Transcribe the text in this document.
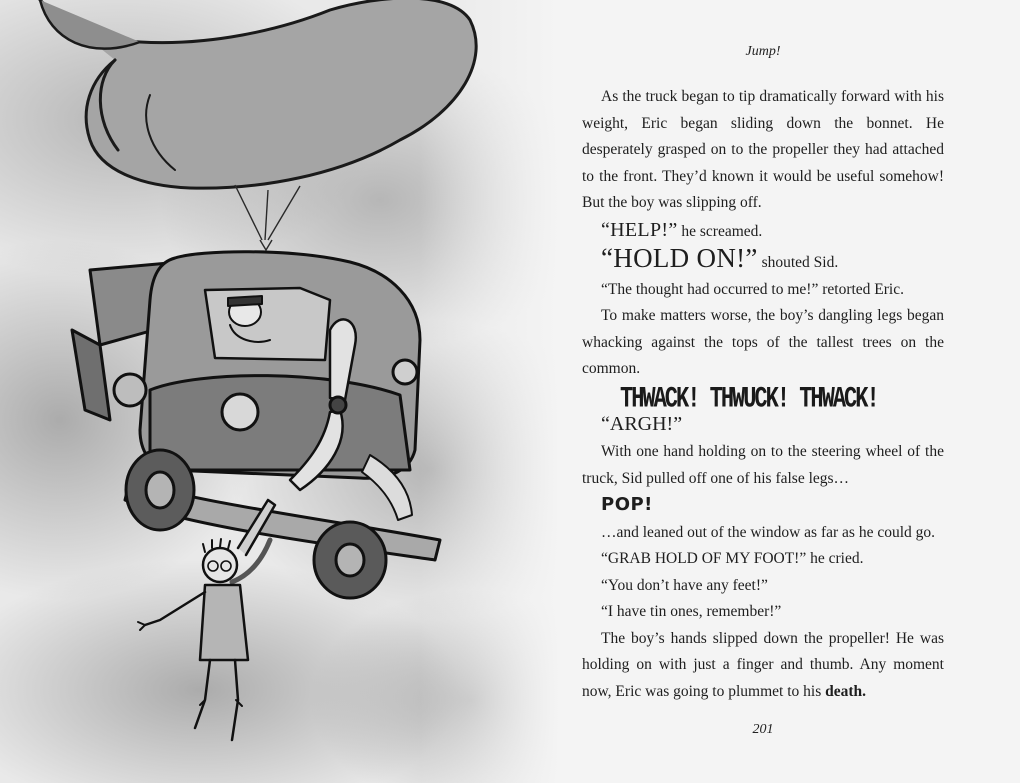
Jump!

As the truck began to tip dramatically forward with his weight, Eric began sliding down the bonnet. He desperately grasped on to the propeller they had attached to the front. They’d known it would be useful somehow! But the boy was slipping off.

“HELP!” he screamed.

“HOLD ON!” shouted Sid.

“The thought had occurred to me!” retorted Eric.

To make matters worse, the boy’s dangling legs began whacking against the tops of the tallest trees on the common.

THWACK! THWUCK! THWACK!

“ARGH!”

With one hand holding on to the steering wheel of the truck, Sid pulled off one of his false legs…

POP!

…and leaned out of the window as far as he could go.

“GRAB HOLD OF MY FOOT!” he cried.

“You don’t have any feet!”

“I have tin ones, remember!”

The boy’s hands slipped down the propeller! He was holding on with just a finger and thumb. Any moment now, Eric was going to plummet to his death.

201
